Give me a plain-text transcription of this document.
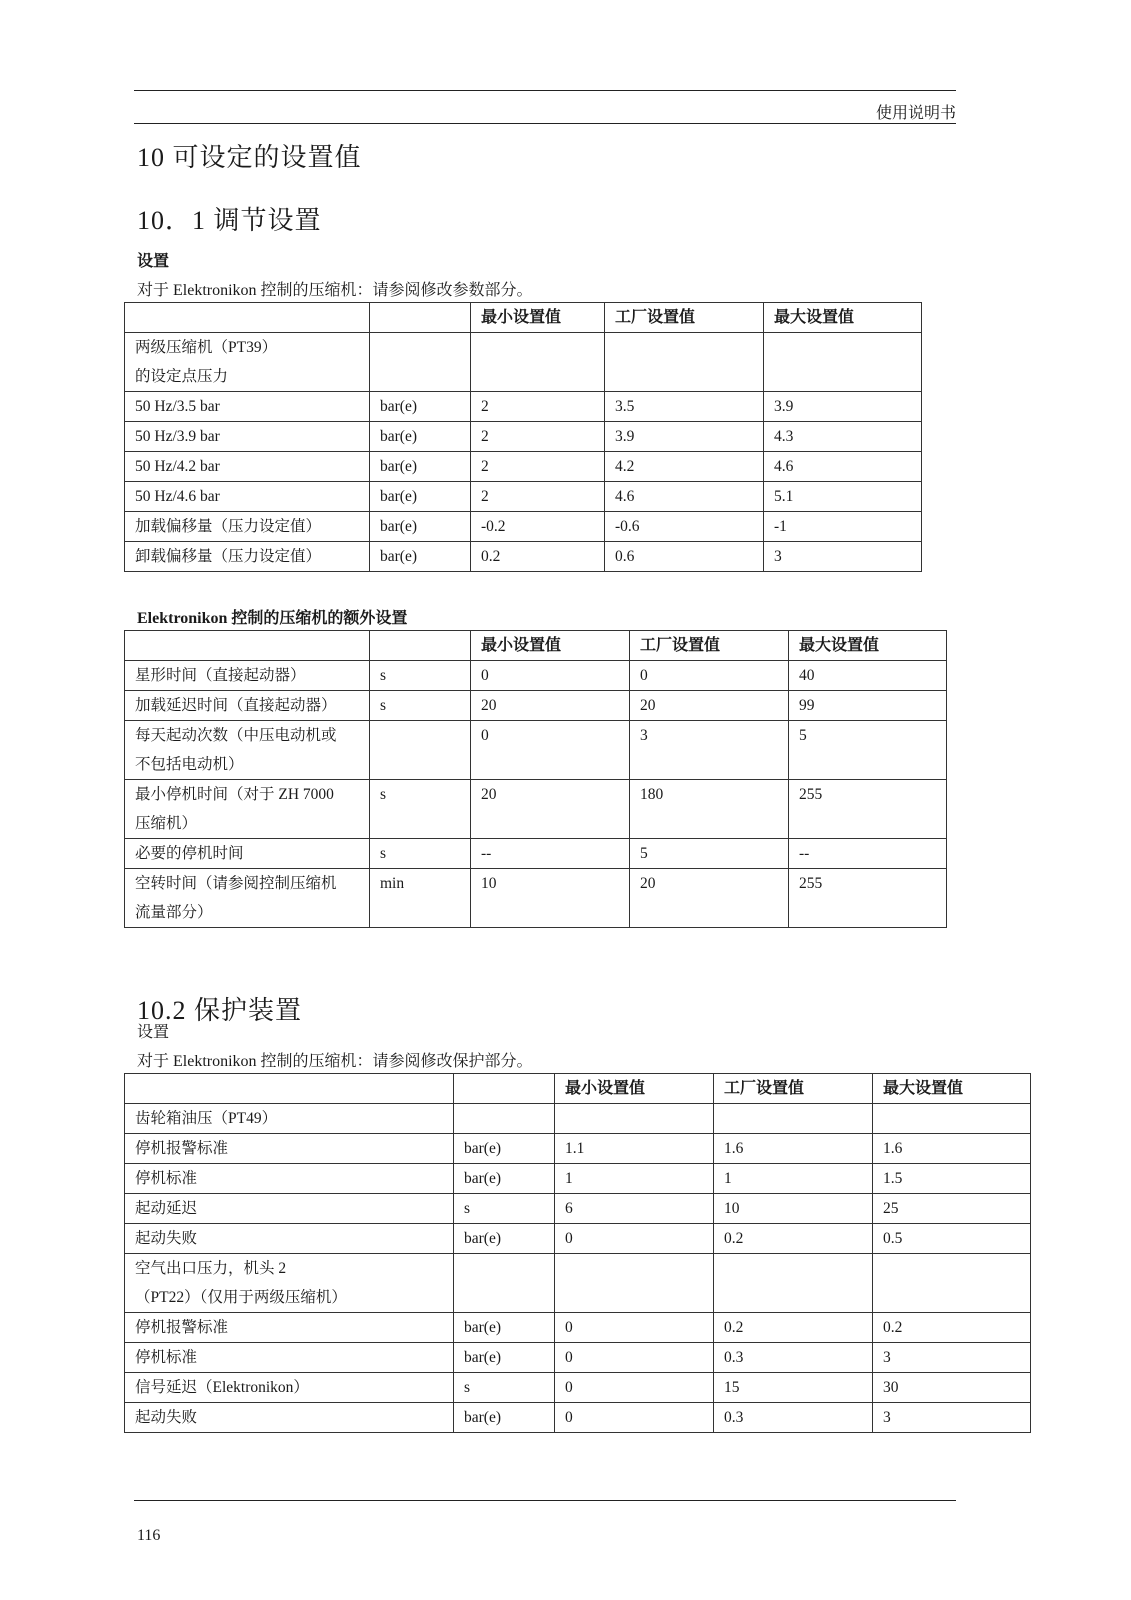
使用说明书
10 可设定的设置值
10．1 调节设置
设置
对于 Elektronikon 控制的压缩机：请参阅修改参数部分。
		最小设置值	工厂设置值	最大设置值

两级压缩机（PT39）
的设定点压力				

50 Hz/3.5 bar	bar(e)	2	3.5	3.9
50 Hz/3.9 bar	bar(e)	2	3.9	4.3
50 Hz/4.2 bar	bar(e)	2	4.2	4.6
50 Hz/4.6 bar	bar(e)	2	4.6	5.1
加载偏移量（压力设定值）	bar(e)	-0.2	-0.6	-1
卸载偏移量（压力设定值）	bar(e)	0.2	0.6	3
Elektronikon 控制的压缩机的额外设置
		最小设置值	工厂设置值	最大设置值
星形时间（直接起动器）	s	0	0	40
加载延迟时间（直接起动器）	s	20	20	99

每天起动次数（中压电动机或
不包括电动机）		0	3	5

最小停机时间（对于 ZH 7000
压缩机）	s	20	180	255
必要的停机时间	s	--	5	--

空转时间（请参阅控制压缩机
流量部分）	min	10	20	255
10.2 保护装置
设置
对于 Elektronikon 控制的压缩机：请参阅修改保护部分。
		最小设置值	工厂设置值	最大设置值
齿轮箱油压（PT49）				
停机报警标准	bar(e)	1.1	1.6	1.6
停机标准	bar(e)	1	1	1.5
起动延迟	s	6	10	25
起动失败	bar(e)	0	0.2	0.5

空气出口压力，机头 2
（PT22）（仅用于两级压缩机）				

停机报警标准	bar(e)	0	0.2	0.2
停机标准	bar(e)	0	0.3	3
信号延迟（Elektronikon）	s	0	15	30
起动失败	bar(e)	0	0.3	3
116
